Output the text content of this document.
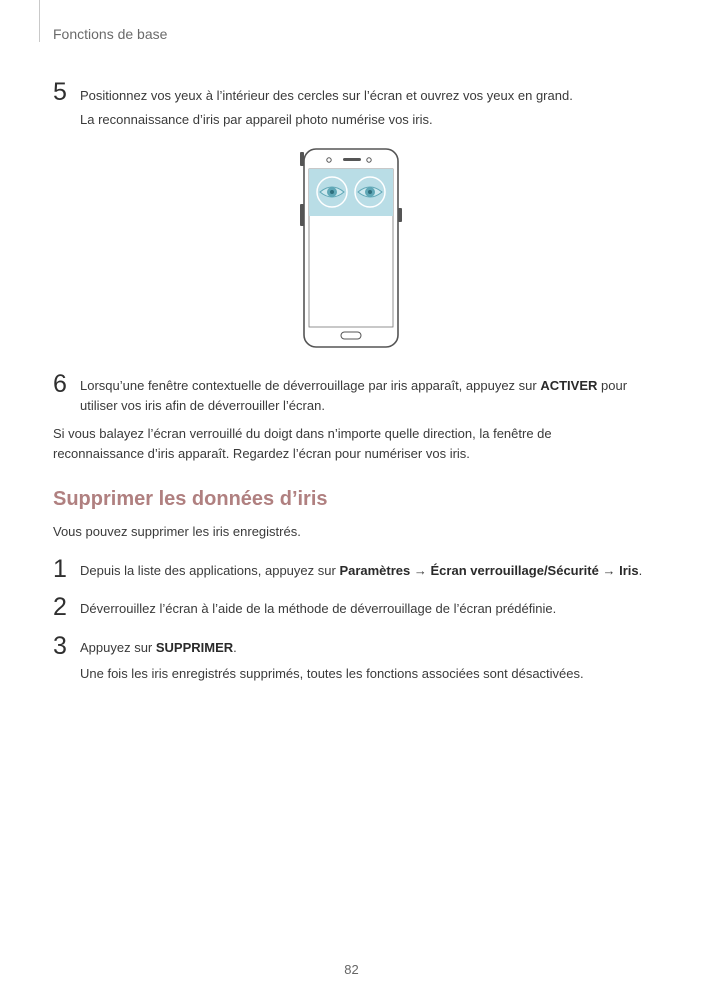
Fonctions de base
5 Positionnez vos yeux à l’intérieur des cercles sur l’écran et ouvrez vos yeux en grand.
La reconnaissance d’iris par appareil photo numérise vos iris.
6 Lorsqu’une fenêtre contextuelle de déverrouillage par iris apparaît, appuyez sur ACTIVER pour utiliser vos iris afin de déverrouiller l’écran.
Si vous balayez l’écran verrouillé du doigt dans n’importe quelle direction, la fenêtre de reconnaissance d’iris apparaît. Regardez l’écran pour numériser vos iris.
Supprimer les données d’iris
Vous pouvez supprimer les iris enregistrés.
1 Depuis la liste des applications, appuyez sur Paramètres → Écran verrouillage/Sécurité → Iris.
2 Déverrouillez l’écran à l’aide de la méthode de déverrouillage de l’écran prédéfinie.
3 Appuyez sur SUPPRIMER.
Une fois les iris enregistrés supprimés, toutes les fonctions associées sont désactivées.
82
